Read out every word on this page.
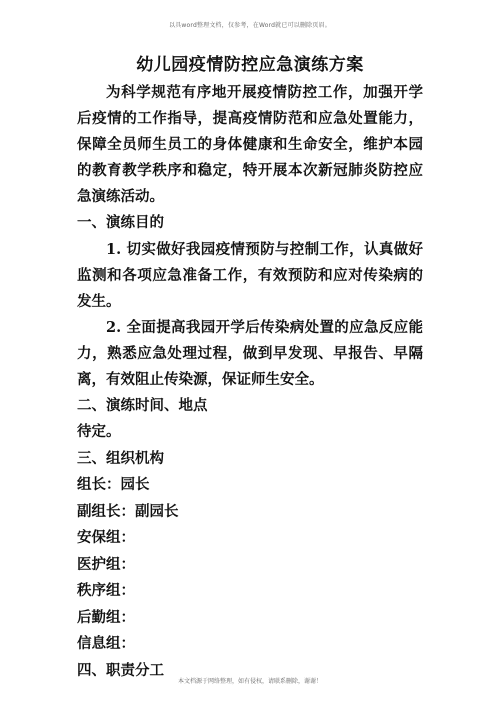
以具word整理文档，仅参考，在Word就已可以删除页眉。
幼儿园疫情防控应急演练方案

为科学规范有序地开展疫情防控工作，加强开学后疫情的工作指导，提高疫情防范和应急处置能力，保障全员师生员工的身体健康和生命安全，维护本园的教育教学秩序和稳定，特开展本次新冠肺炎防控应急演练活动。

一、演练目的

1. 切实做好我园疫情预防与控制工作，认真做好监测和各项应急准备工作，有效预防和应对传染病的发生。

2. 全面提高我园开学后传染病处置的应急反应能力，熟悉应急处理过程，做到早发现、早报告、早隔离，有效阻止传染源，保证师生安全。

二、演练时间、地点

待定。

三、组织机构

组长：园长

副组长：副园长

安保组：

医护组：

秩序组：

后勤组：

信息组：

四、职责分工

本文档源于网络整理，如有侵权，请联系删除，谢谢！
